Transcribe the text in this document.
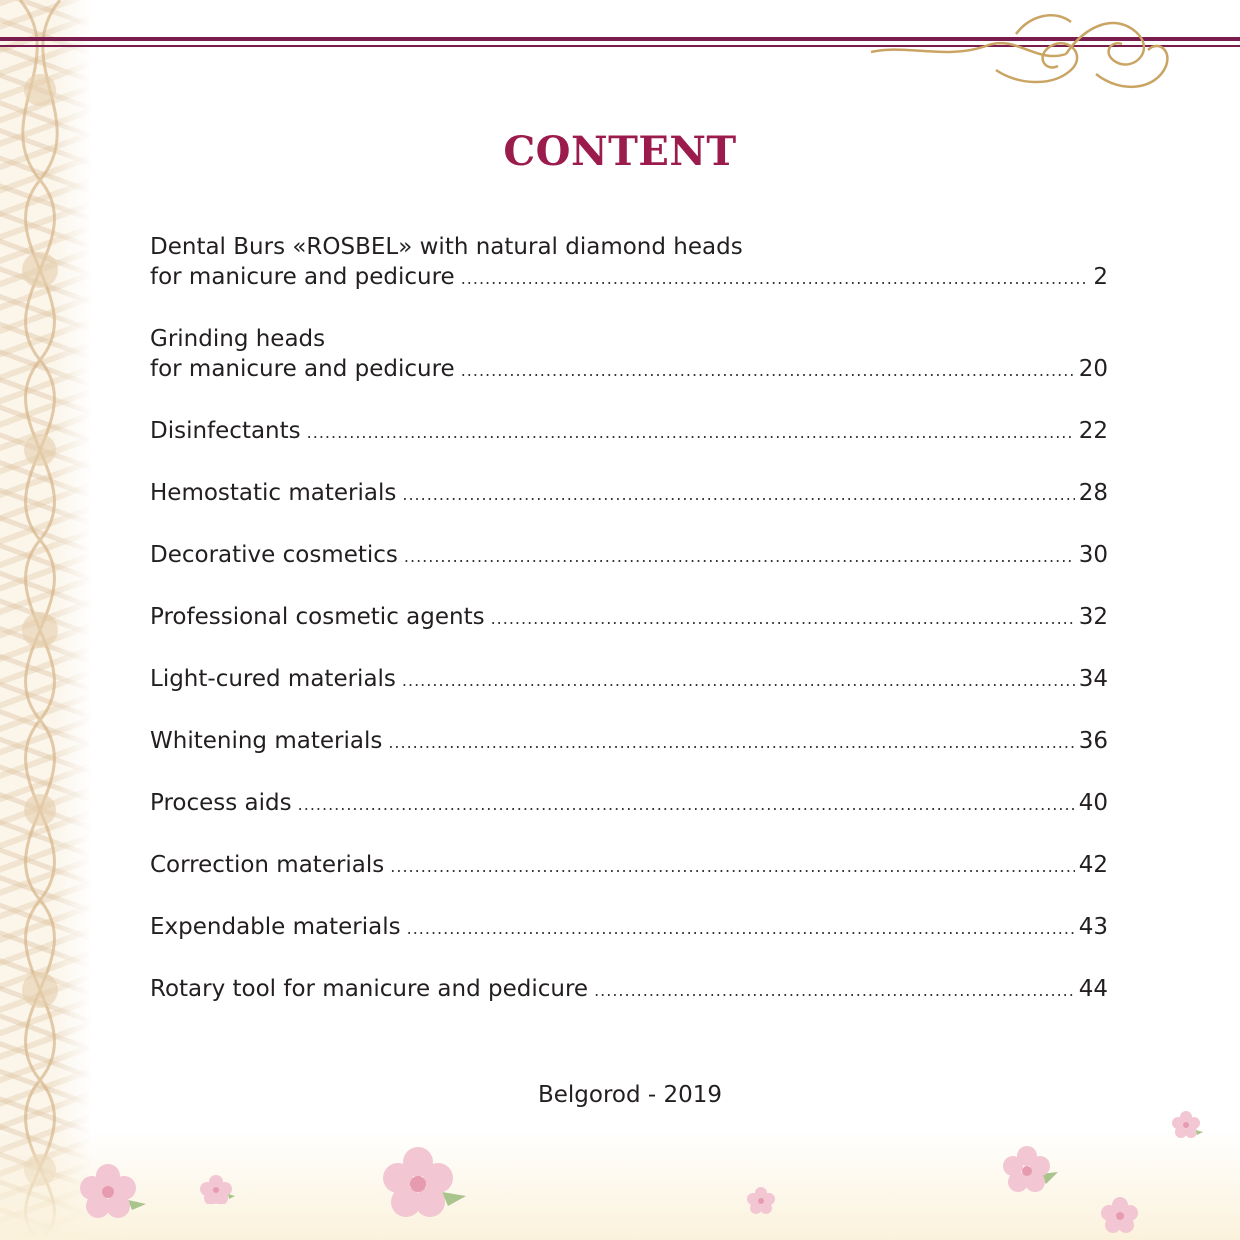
CONTENT
Dental Burs «ROSBEL» with natural diamond heads
for manicure and pedicure .....	2
Grinding heads
for manicure and pedicure .....	20
Disinfectants .....	22
Hemostatic materials .....	28
Decorative cosmetics .....	30
Professional cosmetic agents .....	32
Light-cured materials .....	34
Whitening materials .....	36
Process aids .....	40
Correction materials .....	42
Expendable materials .....	43
Rotary tool for manicure and pedicure .....	44
Belgorod - 2019
